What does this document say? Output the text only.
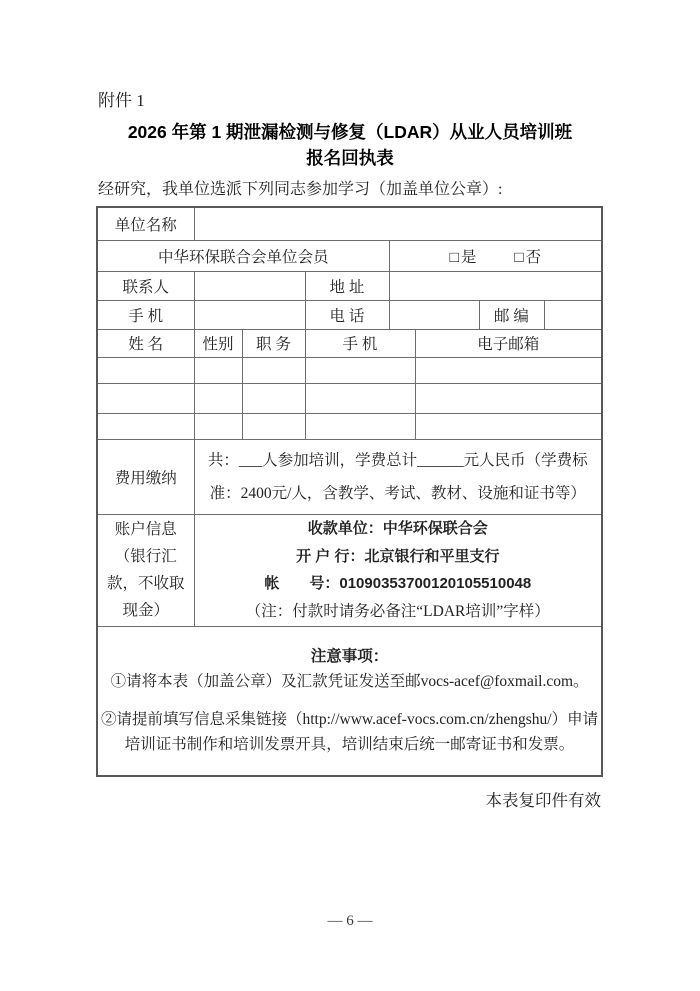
附件 1
2026 年第 1 期泄漏检测与修复（LDAR）从业人员培训班
报名回执表
经研究，我单位选派下列同志参加学习（加盖单位公章）:
单位名称							
中华环保联合会单位会员				□ 是 □ 否			
联系人			地 址				
手 机			电 话			邮 编	
姓 名	性别	职 务	手 机		电子邮箱		

费用缴纳	共：___人参加培训，学费总计______元人民币（学费标
准：2400元/人，含教学、考试、教材、设施和证书等）						

账户信息
（银行汇
款，不收取
现金）

收款单位：中华环保联合会
开 户 行：北京银行和平里支行
帐　　号：01090353700120105510048
（注：付款时请务必备注“LDAR培训”字样）

注意事项：
①请将本表（加盖公章）及汇款凭证发送至邮vocs-acef@foxmail.com。
②请提前填写信息采集链接（http://www.acef-vocs.com.cn/zhengshu/）申请培训证书制作和培训发票开具，培训结束后统一邮寄证书和发票。							
本表复印件有效
— 6 —
